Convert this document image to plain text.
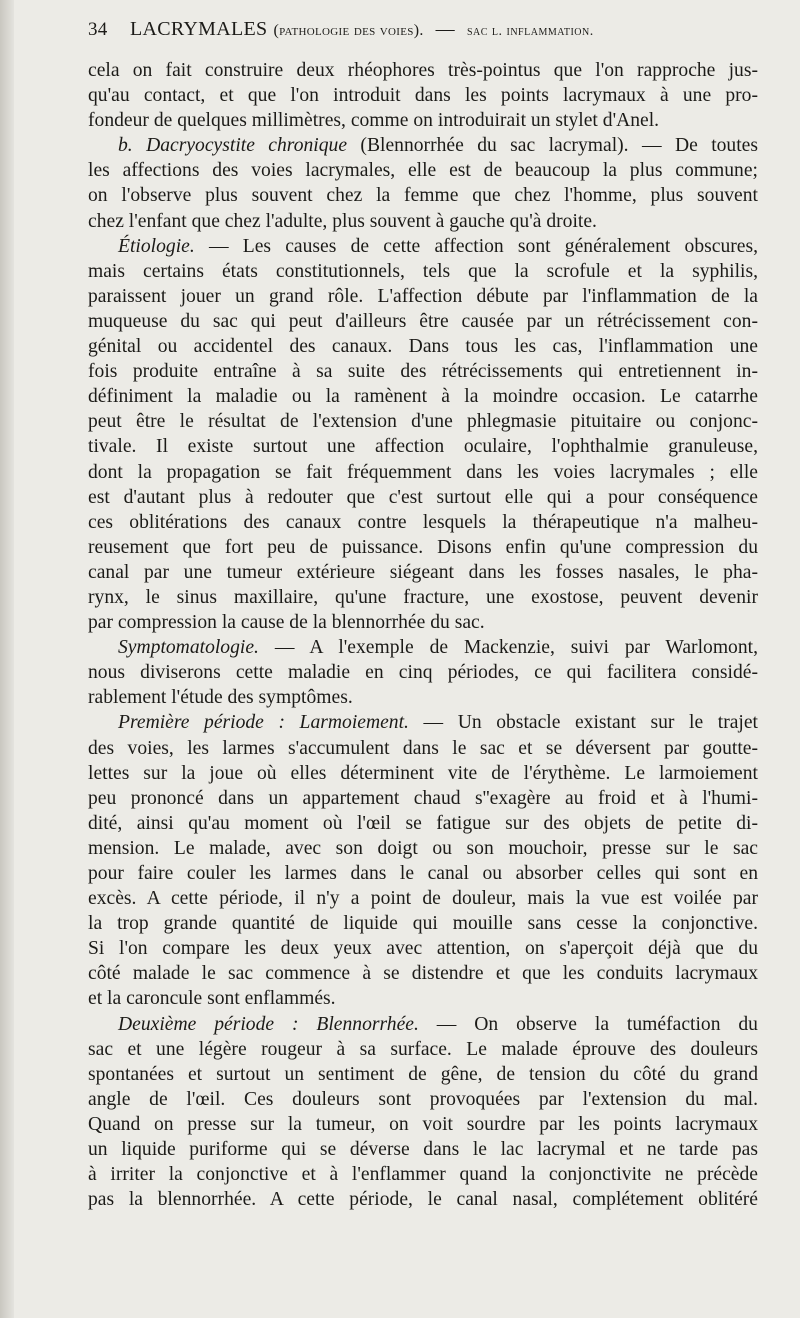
34	LACRYMALES (pathologie des voies). — sac l. inflammation.
cela on fait construire deux rhéophores très-pointus que l'on rapproche jus-
qu'au contact, et que l'on introduit dans les points lacrymaux à une pro-
fondeur de quelques millimètres, comme on introduirait un stylet d'Anel.
b. Dacryocystite chronique (Blennorrhée du sac lacrymal). — De toutes
les affections des voies lacrymales, elle est de beaucoup la plus commune;
on l'observe plus souvent chez la femme que chez l'homme, plus souvent
chez l'enfant que chez l'adulte, plus souvent à gauche qu'à droite.
Étiologie. — Les causes de cette affection sont généralement obscures,
mais certains états constitutionnels, tels que la scrofule et la syphilis,
paraissent jouer un grand rôle. L'affection débute par l'inflammation de la
muqueuse du sac qui peut d'ailleurs être causée par un rétrécissement con-
génital ou accidentel des canaux. Dans tous les cas, l'inflammation une
fois produite entraîne à sa suite des rétrécissements qui entretiennent in-
définiment la maladie ou la ramènent à la moindre occasion. Le catarrhe
peut être le résultat de l'extension d'une phlegmasie pituitaire ou conjonc-
tivale. Il existe surtout une affection oculaire, l'ophthalmie granuleuse,
dont la propagation se fait fréquemment dans les voies lacrymales ; elle
est d'autant plus à redouter que c'est surtout elle qui a pour conséquence
ces oblitérations des canaux contre lesquels la thérapeutique n'a malheu-
reusement que fort peu de puissance. Disons enfin qu'une compression du
canal par une tumeur extérieure siégeant dans les fosses nasales, le pha-
rynx, le sinus maxillaire, qu'une fracture, une exostose, peuvent devenir
par compression la cause de la blennorrhée du sac.
Symptomatologie. — A l'exemple de Mackenzie, suivi par Warlomont,
nous diviserons cette maladie en cinq périodes, ce qui facilitera considé-
rablement l'étude des symptômes.
Première période : Larmoiement. — Un obstacle existant sur le trajet
des voies, les larmes s'accumulent dans le sac et se déversent par goutte-
lettes sur la joue où elles déterminent vite de l'érythème. Le larmoiement
peu prononcé dans un appartement chaud s''exagère au froid et à l'humi-
dité, ainsi qu'au moment où l'œil se fatigue sur des objets de petite di-
mension. Le malade, avec son doigt ou son mouchoir, presse sur le sac
pour faire couler les larmes dans le canal ou absorber celles qui sont en
excès. A cette période, il n'y a point de douleur, mais la vue est voilée par
la trop grande quantité de liquide qui mouille sans cesse la conjonctive.
Si l'on compare les deux yeux avec attention, on s'aperçoit déjà que du
côté malade le sac commence à se distendre et que les conduits lacrymaux
et la caroncule sont enflammés.
Deuxième période : Blennorrhée. — On observe la tuméfaction du
sac et une légère rougeur à sa surface. Le malade éprouve des douleurs
spontanées et surtout un sentiment de gêne, de tension du côté du grand
angle de l'œil. Ces douleurs sont provoquées par l'extension du mal.
Quand on presse sur la tumeur, on voit sourdre par les points lacrymaux
un liquide puriforme qui se déverse dans le lac lacrymal et ne tarde pas
à irriter la conjonctive et à l'enflammer quand la conjonctivite ne précède
pas la blennorrhée. A cette période, le canal nasal, complétement oblitéré
